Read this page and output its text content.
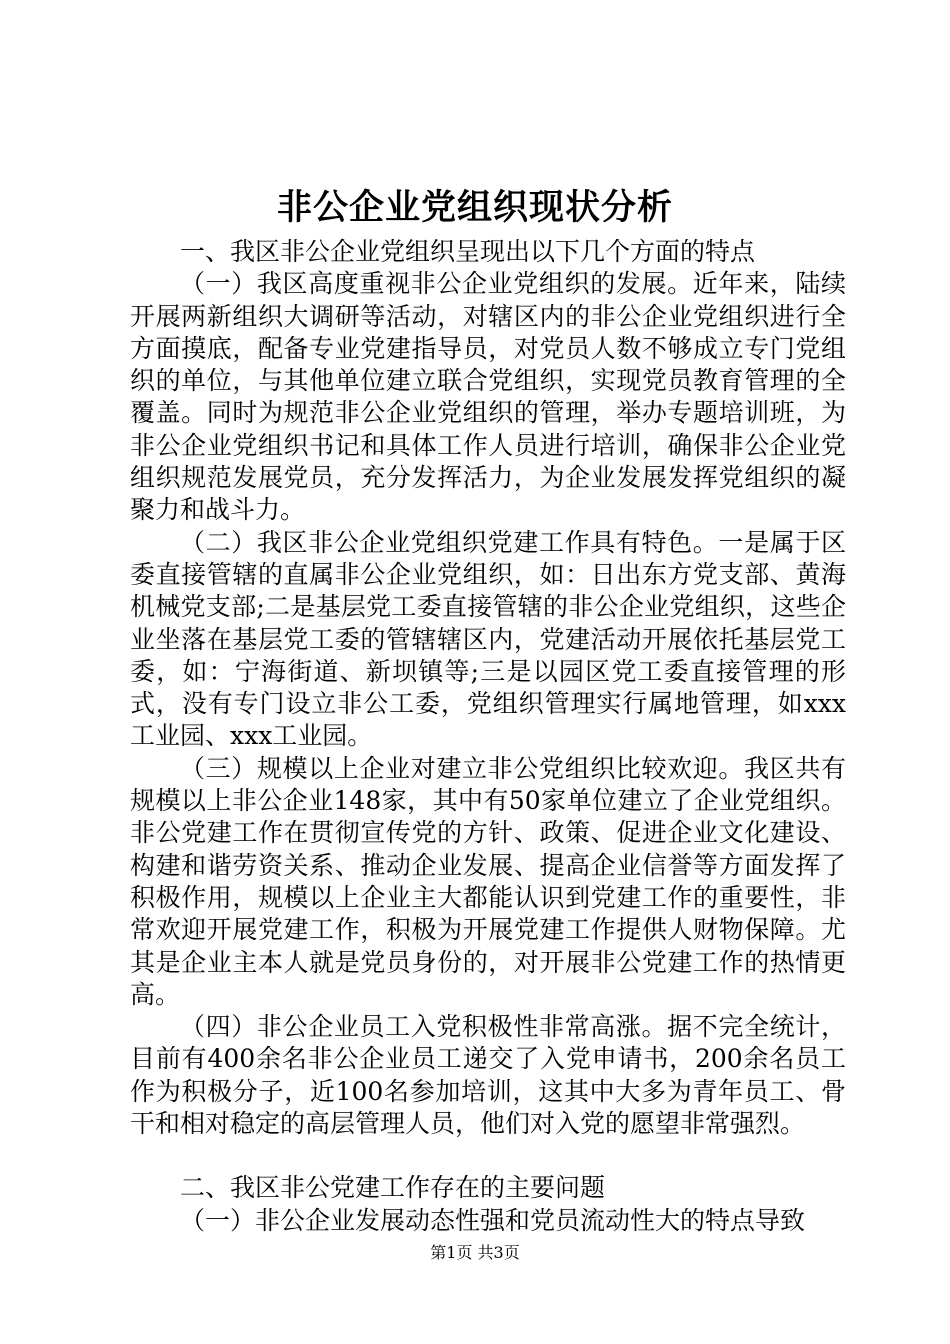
非公企业党组织现状分析

一、我区非公企业党组织呈现出以下几个方面的特点

（一）我区高度重视非公企业党组织的发展。近年来，陆续开展两新组织大调研等活动，对辖区内的非公企业党组织进行全方面摸底，配备专业党建指导员，对党员人数不够成立专门党组织的单位，与其他单位建立联合党组织，实现党员教育管理的全覆盖。同时为规范非公企业党组织的管理，举办专题培训班，为非公企业党组织书记和具体工作人员进行培训，确保非公企业党组织规范发展党员，充分发挥活力，为企业发展发挥党组织的凝聚力和战斗力。

（二）我区非公企业党组织党建工作具有特色。一是属于区委直接管辖的直属非公企业党组织，如：日出东方党支部、黄海机械党支部;二是基层党工委直接管辖的非公企业党组织，这些企业坐落在基层党工委的管辖辖区内，党建活动开展依托基层党工委，如：宁海街道、新坝镇等;三是以园区党工委直接管理的形式，没有专门设立非公工委，党组织管理实行属地管理，如xxx工业园、xxx工业园。

（三）规模以上企业对建立非公党组织比较欢迎。我区共有规模以上非公企业148家，其中有50家单位建立了企业党组织。非公党建工作在贯彻宣传党的方针、政策、促进企业文化建设、构建和谐劳资关系、推动企业发展、提高企业信誉等方面发挥了积极作用，规模以上企业主大都能认识到党建工作的重要性，非常欢迎开展党建工作，积极为开展党建工作提供人财物保障。尤其是企业主本人就是党员身份的，对开展非公党建工作的热情更高。

（四）非公企业员工入党积极性非常高涨。据不完全统计，目前有400余名非公企业员工递交了入党申请书，200余名员工作为积极分子，近100名参加培训，这其中大多为青年员工、骨干和相对稳定的高层管理人员，他们对入党的愿望非常强烈。

二、我区非公党建工作存在的主要问题

（一）非公企业发展动态性强和党员流动性大的特点导致

第1页 共3页
